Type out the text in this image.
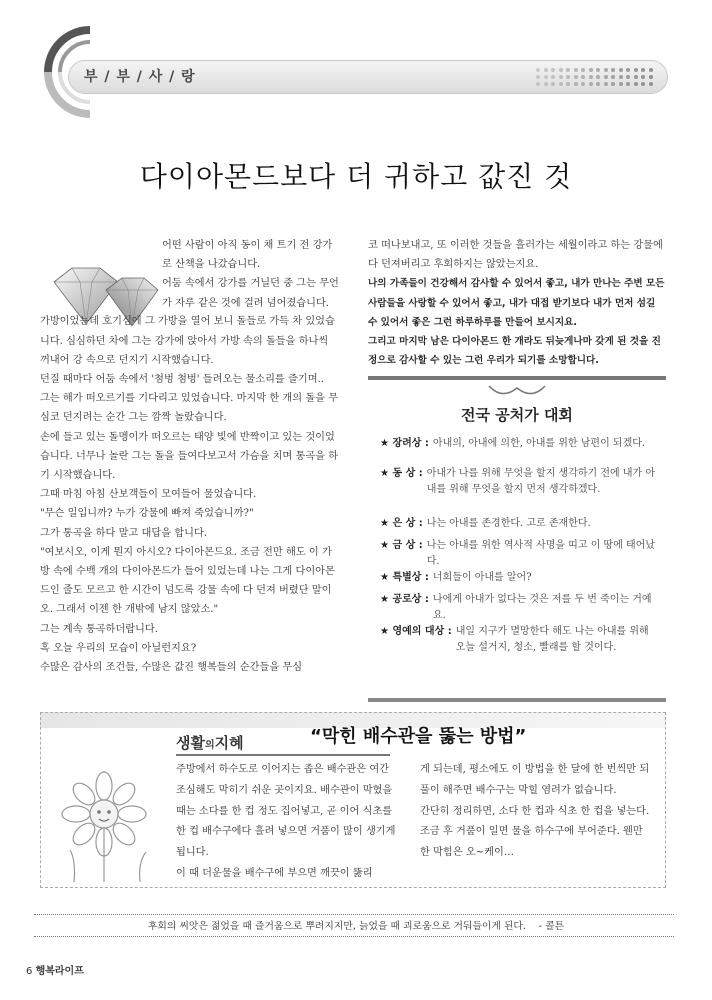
부 / 부 / 사 / 랑
다이아몬드보다 더 귀하고 값진 것

어떤 사람이 아직 동이 채 트기 전 강가로 산책을 나갔습니다.

어둠 속에서 강가를 거닐던 중 그는 무언가 자루 같은 것에 걸려 넘어졌습니다.

가방이었는데 호기심에 그 가방을 열어 보니 돌들로 가득 차 있었습니다. 심심하던 차에 그는 강가에 앉아서 가방 속의 돌들을 하나씩 꺼내어 강 속으로 던지기 시작했습니다.

던질 때마다 어둠 속에서 '첨벙 첨벙' 들려오는 물소리를 즐기며..

그는 해가 떠오르기를 기다리고 있었습니다. 마지막 한 개의 돌을 무심코 던지려는 순간 그는 깜짝 놀랐습니다.

손에 들고 있는 돌멩이가 떠오르는 태양 빛에 반짝이고 있는 것이었습니다. 너무나 놀란 그는 돌을 들여다보고서 가슴을 치며 통곡을 하기 시작했습니다.

그때 마침 아침 산보객들이 모여들어 물었습니다.

"무슨 일입니까? 누가 강물에 빠져 죽었습니까?"

그가 통곡을 하다 말고 대답을 합니다.

"여보시오, 이게 뭔지 아시오? 다이아몬드요. 조금 전만 해도 이 가방 속에 수백 개의 다이아몬드가 들어 있었는데 나는 그게 다이아몬드인 줄도 모르고 한 시간이 넘도록 강물 속에 다 던져 버렸단 말이오. 그래서 이젠 한 개밖에 남지 않았소."

그는 계속 통곡하더랍니다.

혹 오늘 우리의 모습이 아닐런지요?

수많은 감사의 조건들, 수많은 값진 행복들의 순간들을 무심

코 떠나보내고, 또 이러한 것들을 흘러가는 세월이라고 하는 강물에 다 던져버리고 후회하지는 않았는지요.

나의 가족들이 건강해서 감사할 수 있어서 좋고, 내가 만나는 주변 모든 사람들을 사랑할 수 있어서 좋고, 내가 대접 받기보다 내가 먼저 섬길 수 있어서 좋은 그런 하루하루를 만들어 보시지요.

그리고 마지막 남은 다이아몬드 한 개라도 뒤늦게나마 갖게 된 것을 진정으로 감사할 수 있는 그런 우리가 되기를 소망합니다.

전국 공처가 대회
★ 장려상 : 아내의, 아내에 의한, 아내를 위한 남편이 되겠다.
★ 동 상 : 아내가 나를 위해 무엇을 할지 생각하기 전에 내가 아내를 위해 무엇을 할지 먼저 생각하겠다.
★ 은 상 : 나는 아내를 존경한다. 고로 존재한다.
★ 금 상 : 나는 아내를 위한 역사적 사명을 띠고 이 땅에 태어났다.
★ 특별상 : 너희들이 아내를 알어?
★ 공로상 : 나에게 아내가 없다는 것은 저를 두 번 죽이는 거예요.
★ 영예의 대상 : 내일 지구가 멸망한다 해도 나는 아내를 위해 오늘 설거지, 청소, 빨래를 할 것이다.
생활의지혜	“막힌 배수관을 뚫는 방법”

주방에서 하수도로 이어지는 좁은 배수관은 여간 조심해도 막히기 쉬운 곳이지요. 배수관이 막혔을 때는 소다를 한 컵 정도 집어넣고, 곧 이어 식초를 한 컵 배수구에다 흘려 넣으면 거품이 많이 생기게 됩니다.

이 때 더운물을 배수구에 부으면 깨끗이 뚫리

게 되는데, 평소에도 이 방법을 한 달에 한 번씩만 되풀이 해주면 배수구는 막힐 염려가 없습니다.

간단히 정리하면, 소다 한 컵과 식초 한 컵을 넣는다. 조금 후 거품이 일면 물을 하수구에 부어준다. 웬만한 막힘은 오~케이…

후회의 씨앗은 젊었을 때 즐거움으로 뿌려지지만, 늙었을 때 괴로움으로 거둬들이게 된다. - 콜튼
6 행복라이프
